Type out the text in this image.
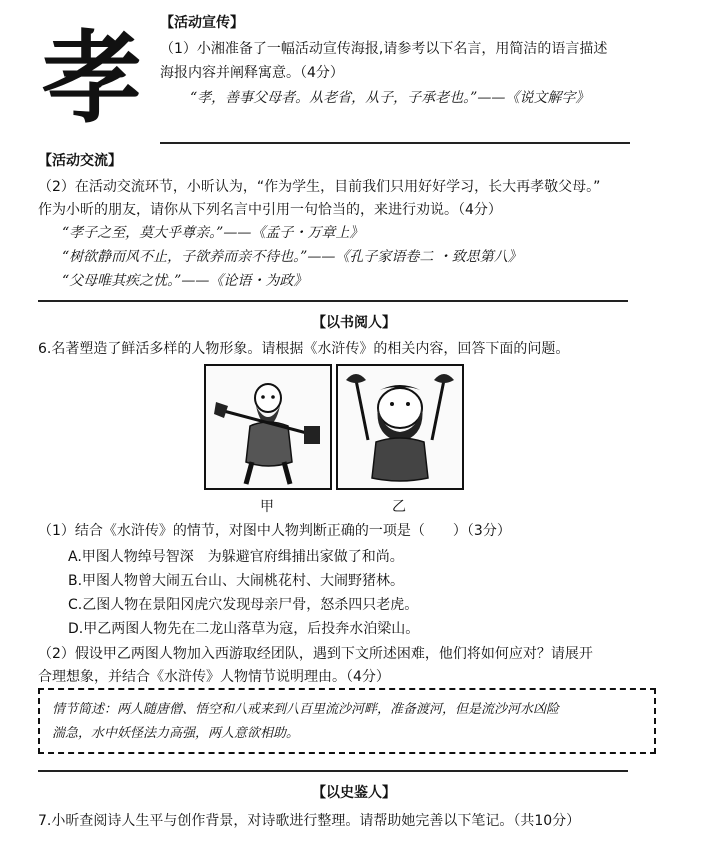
孝 【活动宣传】
（1）小湘准备了一幅活动宣传海报,请参考以下名言，用简洁的语言描述
海报内容并阐释寓意。（4分）
“孝，善事父母者。从老省，从子，子承老也。”——《说文解字》
【活动交流】
（2）在活动交流环节，小昕认为，“作为学生，目前我们只用好好学习，长大再孝敬父母。”
作为小昕的朋友，请你从下列名言中引用一句恰当的，来进行劝说。（4分）
“孝子之至，莫大乎尊亲。”——《孟子・万章上》
“树欲静而风不止，子欲养而亲不待也。”——《孔子家语卷二 ・致思第八》
“父母唯其疾之忧。”——《论语・为政》
【以书阅人】
6.名著塑造了鲜活多样的人物形象。请根据《水浒传》的相关内容，回答下面的问题。
甲	乙
（1）结合《水浒传》的情节，对图中人物判断正确的一项是（　　）（3分）
A.甲图人物绰号智深　为躲避官府缉捕出家做了和尚。
B.甲图人物曾大闹五台山、大闹桃花村、大闹野猪林。
C.乙图人物在景阳冈虎穴发现母亲尸骨，怒杀四只老虎。
D.甲乙两图人物先在二龙山落草为寇，后投奔水泊梁山。
（2）假设甲乙两图人物加入西游取经团队，遇到下文所述困难，他们将如何应对？请展开
合理想象，并结合《水浒传》人物情节说明理由。（4分）
情节简述：两人随唐僧、悟空和八戒来到八百里流沙河畔，准备渡河，但是流沙河水凶险
湍急，水中妖怪法力高强，两人意欲相助。
【以史鉴人】
7.小昕查阅诗人生平与创作背景，对诗歌进行整理。请帮助她完善以下笔记。（共10分）
